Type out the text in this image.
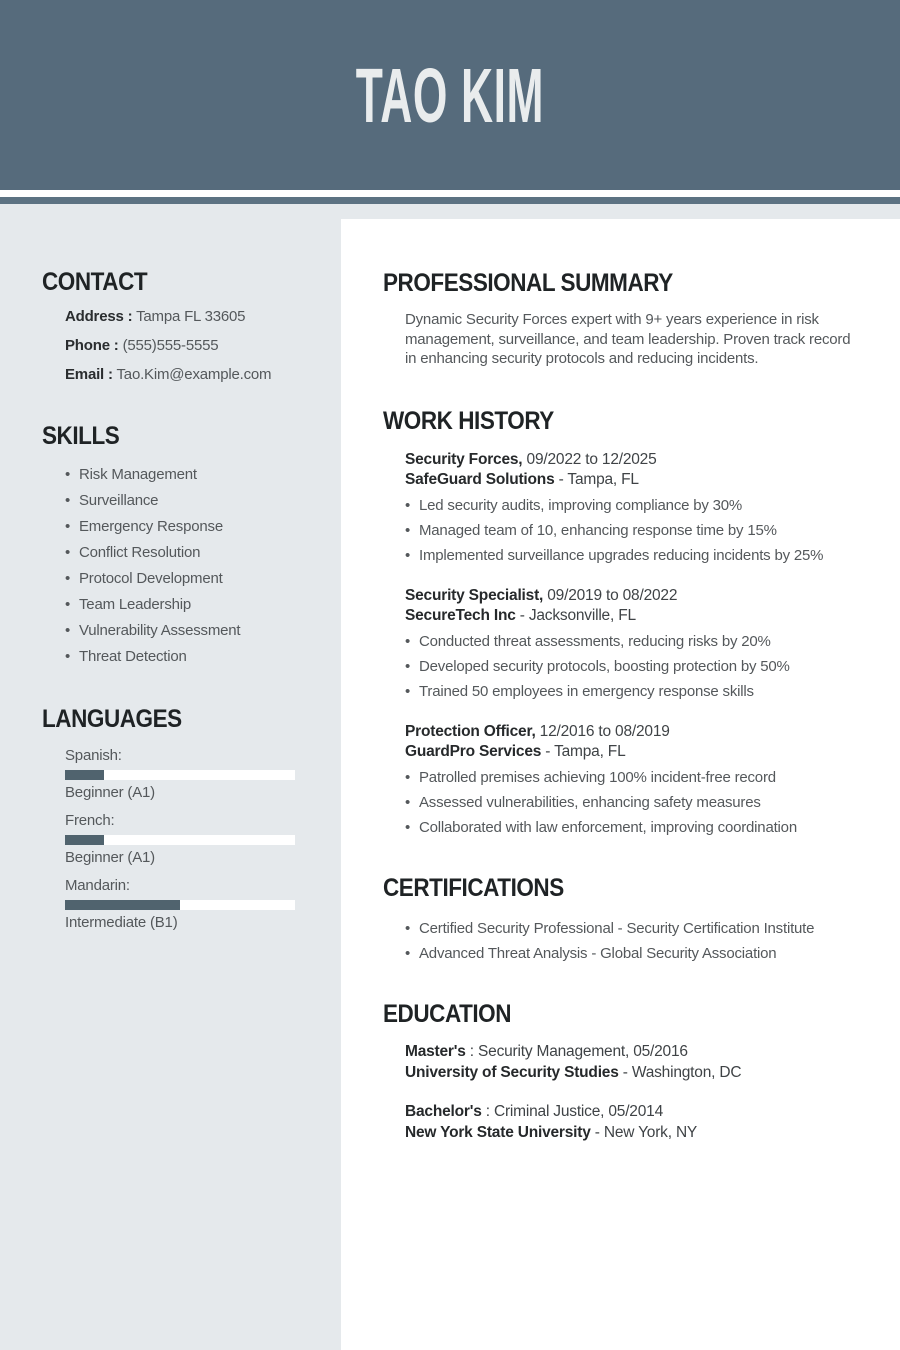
TAO KIM
CONTACT
Address : Tampa FL 33605
Phone : (555)555-5555
Email : Tao.Kim@example.com
SKILLS
• Risk Management
• Surveillance
• Emergency Response
• Conflict Resolution
• Protocol Development
• Team Leadership
• Vulnerability Assessment
• Threat Detection
LANGUAGES
Spanish:
Beginner (A1)
French:
Beginner (A1)
Mandarin:
Intermediate (B1)
PROFESSIONAL SUMMARY

Dynamic Security Forces expert with 9+ years experience in risk management, surveillance, and team leadership. Proven track record in enhancing security protocols and reducing incidents.

WORK HISTORY
Security Forces, 09/2022 to 12/2025
SafeGuard Solutions - Tampa, FL
• Led security audits, improving compliance by 30%
• Managed team of 10, enhancing response time by 15%
• Implemented surveillance upgrades reducing incidents by 25%
Security Specialist, 09/2019 to 08/2022
SecureTech Inc - Jacksonville, FL
• Conducted threat assessments, reducing risks by 20%
• Developed security protocols, boosting protection by 50%
• Trained 50 employees in emergency response skills
Protection Officer, 12/2016 to 08/2019
GuardPro Services - Tampa, FL
• Patrolled premises achieving 100% incident-free record
• Assessed vulnerabilities, enhancing safety measures
• Collaborated with law enforcement, improving coordination
CERTIFICATIONS
• Certified Security Professional - Security Certification Institute
• Advanced Threat Analysis - Global Security Association
EDUCATION
Master's : Security Management, 05/2016
University of Security Studies - Washington, DC
Bachelor's : Criminal Justice, 05/2014
New York State University - New York, NY
